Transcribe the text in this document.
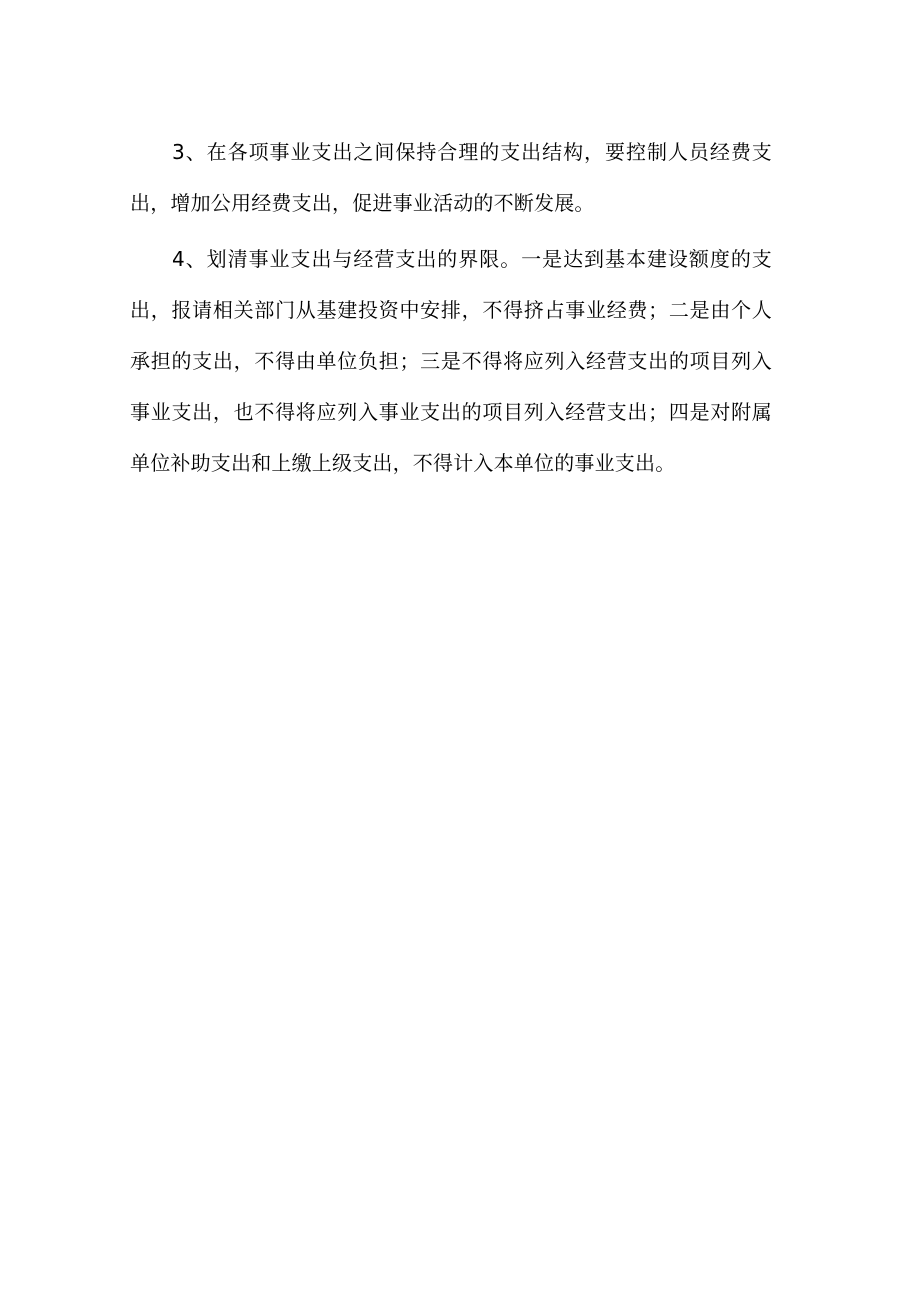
3、在各项事业支出之间保持合理的支出结构，要控制人员经费支出，增加公用经费支出，促进事业活动的不断发展。

4、划清事业支出与经营支出的界限。一是达到基本建设额度的支出，报请相关部门从基建投资中安排，不得挤占事业经费；二是由个人承担的支出，不得由单位负担；三是不得将应列入经营支出的项目列入事业支出，也不得将应列入事业支出的项目列入经营支出；四是对附属单位补助支出和上缴上级支出，不得计入本单位的事业支出。
